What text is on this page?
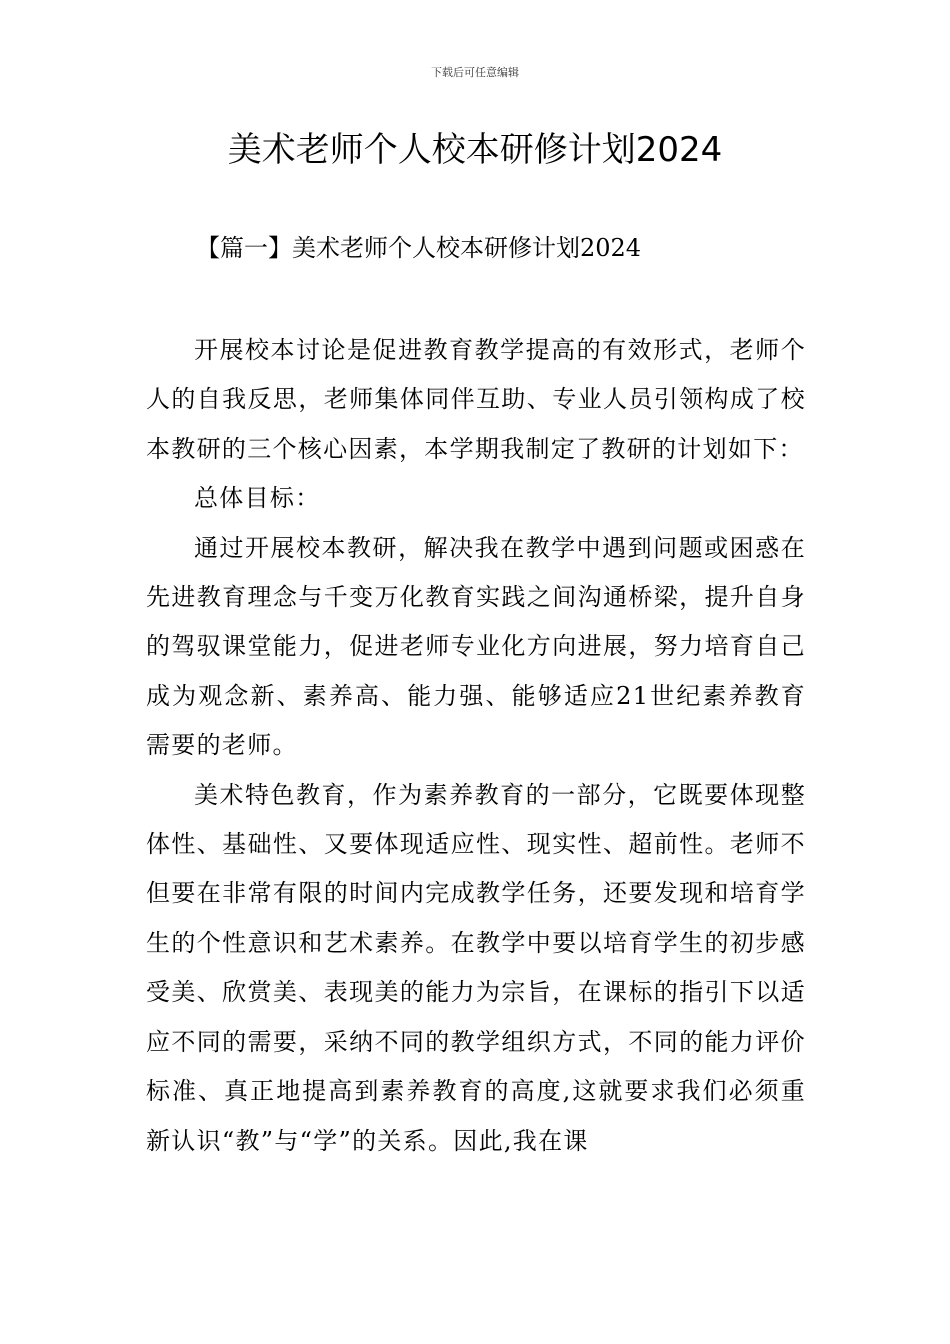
下载后可任意编辑
美术老师个人校本研修计划2024
【篇一】美术老师个人校本研修计划2024

开展校本讨论是促进教育教学提高的有效形式，老师个人的自我反思，老师集体同伴互助、专业人员引领构成了校本教研的三个核心因素，本学期我制定了教研的计划如下：

总体目标：

通过开展校本教研，解决我在教学中遇到问题或困惑在先进教育理念与千变万化教育实践之间沟通桥梁，提升自身的驾驭课堂能力，促进老师专业化方向进展，努力培育自己成为观念新、素养高、能力强、能够适应21世纪素养教育需要的老师。

美术特色教育，作为素养教育的一部分，它既要体现整体性、基础性、又要体现适应性、现实性、超前性。老师不但要在非常有限的时间内完成教学任务，还要发现和培育学生的个性意识和艺术素养。在教学中要以培育学生的初步感受美、欣赏美、表现美的能力为宗旨，在课标的指引下以适应不同的需要，采纳不同的教学组织方式，不同的能力评价标准、真正地提高到素养教育的高度,这就要求我们必须重新认识“教”与“学”的关系。因此,我在课
